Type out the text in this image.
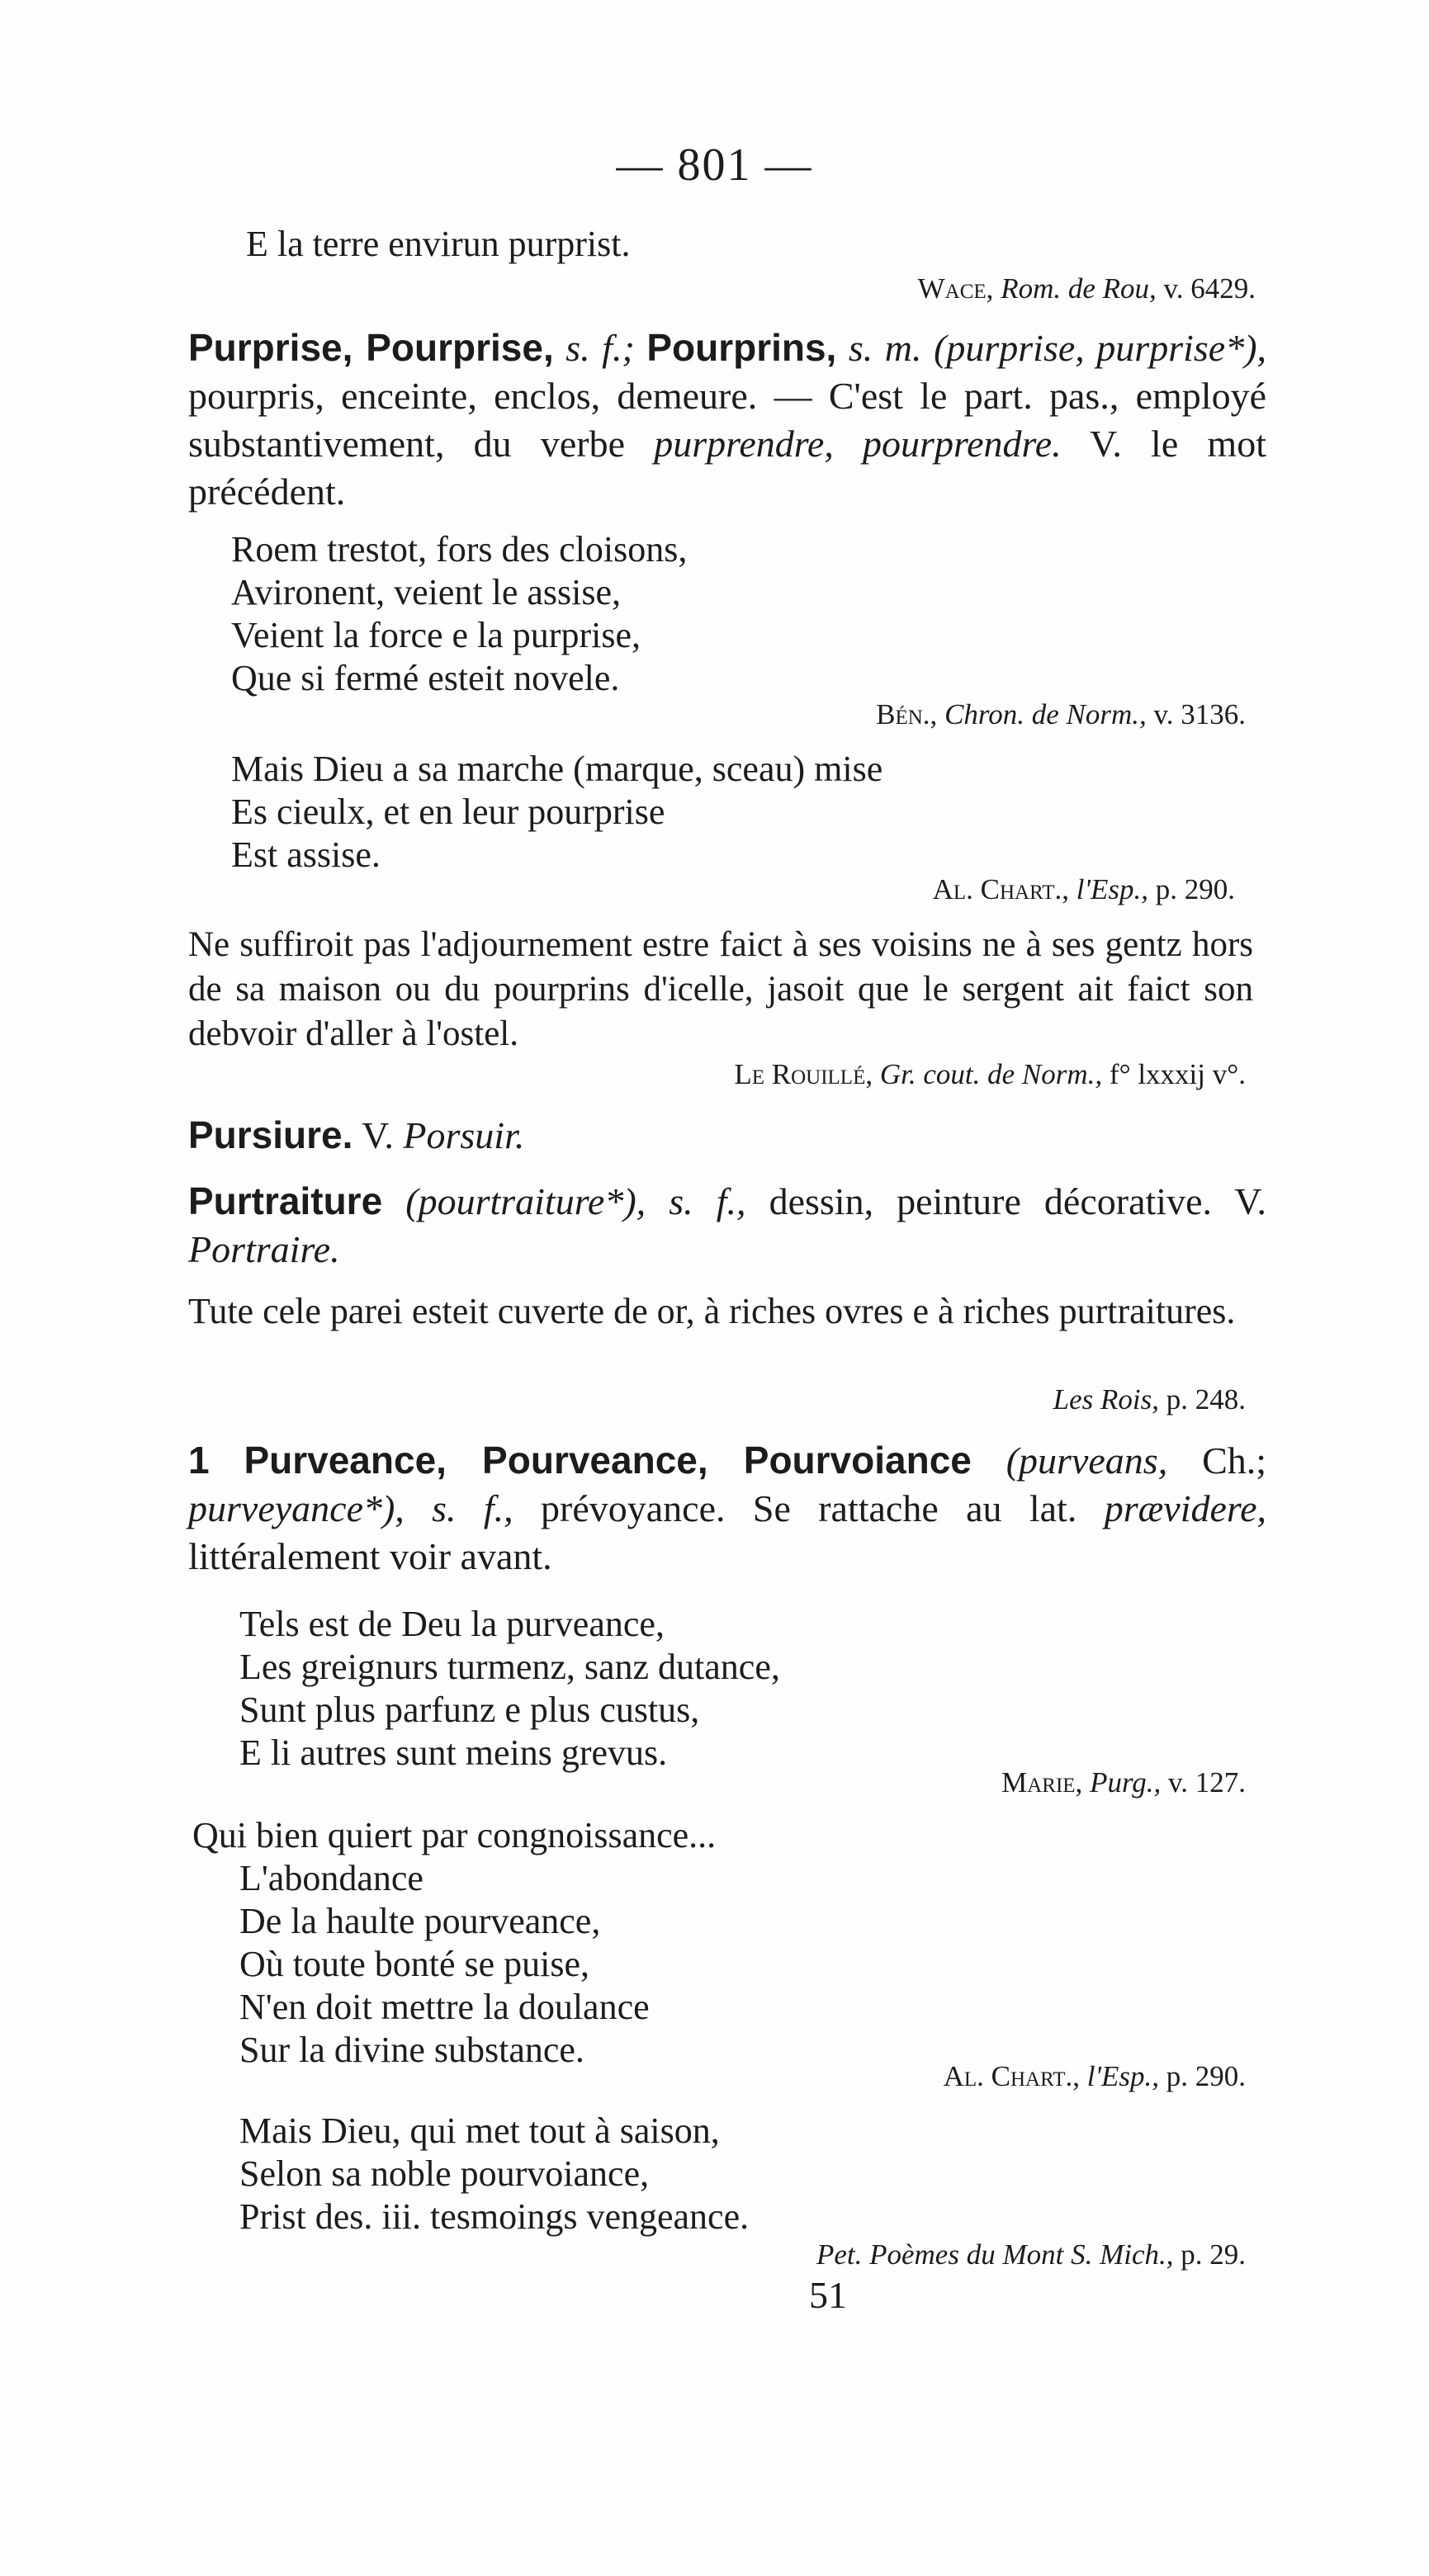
— 801 —
E la terre envirun purprist.
Wace, Rom. de Rou, v. 6429.

Purprise, Pourprise, s. f.; Pourprins, s. m. (purprise, purprise*), pourpris, enceinte, enclos, demeure. — C'est le part. pas., employé substantivement, du verbe purprendre, pourprendre. V. le mot précédent.

Roem trestot, fors des cloisons,
Avironent, veient le assise,
Veient la force e la purprise,
Que si fermé esteit novele.
Bén., Chron. de Norm., v. 3136.
Mais Dieu a sa marche (marque, sceau) mise
Es cieulx, et en leur pourprise
Est assise.
Al. Chart., l'Esp., p. 290.

Ne suffiroit pas l'adjournement estre faict à ses voisins ne à ses gentz hors de sa maison ou du pourprins d'icelle, jasoit que le sergent ait faict son debvoir d'aller à l'ostel.

Le Rouillé, Gr. cout. de Norm., f° lxxxij v°.

Pursiure. V. Porsuir.

Purtraiture (pourtraiture*), s. f., dessin, peinture décorative. V. Portraire.

Tute cele parei esteit cuverte de or, à riches ovres e à riches purtraitures.

Les Rois, p. 248.

1 Purveance, Pourveance, Pourvoiance (purveans, Ch.; purveyance*), s. f., prévoyance. Se rattache au lat. prævidere, littéralement voir avant.

Tels est de Deu la purveance,
Les greignurs turmenz, sanz dutance,
Sunt plus parfunz e plus custus,
E li autres sunt meins grevus.
Marie, Purg., v. 127.
Qui bien quiert par congnoissance...
L'abondance
De la haulte pourveance,
Où toute bonté se puise,
N'en doit mettre la doulance
Sur la divine substance.
Al. Chart., l'Esp., p. 290.
Mais Dieu, qui met tout à saison,
Selon sa noble pourvoiance,
Prist des. iii. tesmoings vengeance.
Pet. Poèmes du Mont S. Mich., p. 29.
51
